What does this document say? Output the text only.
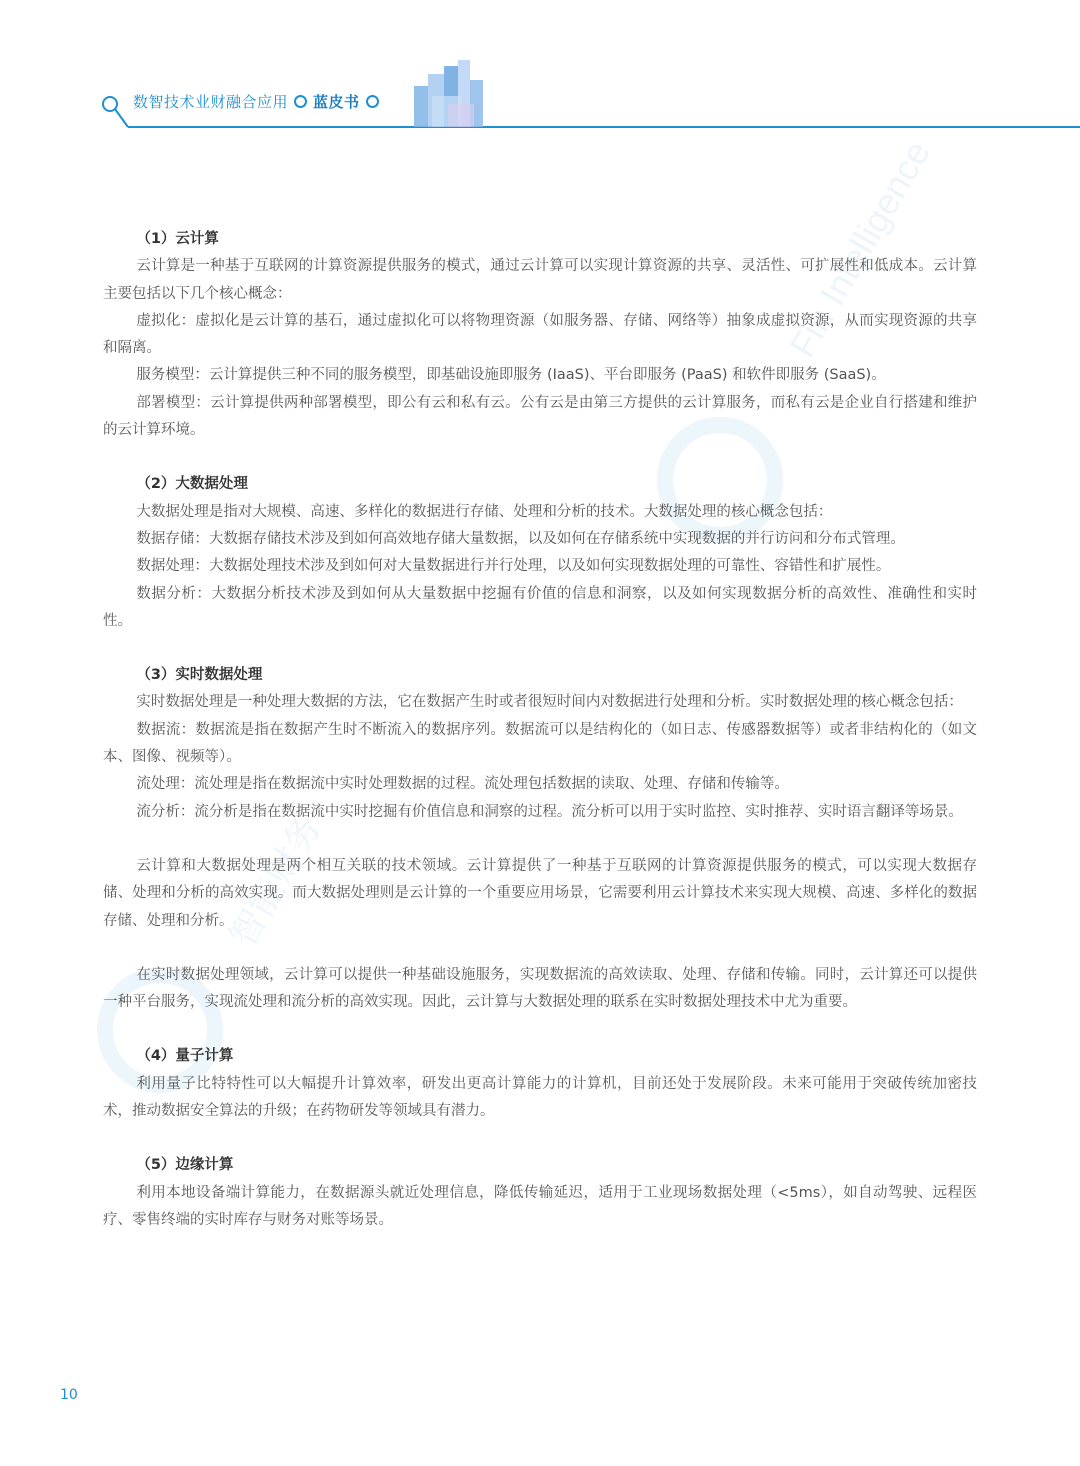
数智技术业财融合应用 蓝皮书
Fin Intelligence
智能财务
（1）云计算

云计算是一种基于互联网的计算资源提供服务的模式，通过云计算可以实现计算资源的共享、灵活性、可扩展性和低成本。云计算主要包括以下几个核心概念：

虚拟化：虚拟化是云计算的基石，通过虚拟化可以将物理资源（如服务器、存储、网络等）抽象成虚拟资源，从而实现资源的共享和隔离。

服务模型：云计算提供三种不同的服务模型，即基础设施即服务 (IaaS)、平台即服务 (PaaS) 和软件即服务 (SaaS)。

部署模型：云计算提供两种部署模型，即公有云和私有云。公有云是由第三方提供的云计算服务，而私有云是企业自行搭建和维护的云计算环境。

（2）大数据处理

大数据处理是指对大规模、高速、多样化的数据进行存储、处理和分析的技术。大数据处理的核心概念包括：

数据存储：大数据存储技术涉及到如何高效地存储大量数据，以及如何在存储系统中实现数据的并行访问和分布式管理。

数据处理：大数据处理技术涉及到如何对大量数据进行并行处理，以及如何实现数据处理的可靠性、容错性和扩展性。

数据分析：大数据分析技术涉及到如何从大量数据中挖掘有价值的信息和洞察，以及如何实现数据分析的高效性、准确性和实时性。

（3）实时数据处理

实时数据处理是一种处理大数据的方法，它在数据产生时或者很短时间内对数据进行处理和分析。实时数据处理的核心概念包括：

数据流：数据流是指在数据产生时不断流入的数据序列。数据流可以是结构化的（如日志、传感器数据等）或者非结构化的（如文本、图像、视频等）。

流处理：流处理是指在数据流中实时处理数据的过程。流处理包括数据的读取、处理、存储和传输等。

流分析：流分析是指在数据流中实时挖掘有价值信息和洞察的过程。流分析可以用于实时监控、实时推荐、实时语言翻译等场景。

云计算和大数据处理是两个相互关联的技术领域。云计算提供了一种基于互联网的计算资源提供服务的模式，可以实现大数据存储、处理和分析的高效实现。而大数据处理则是云计算的一个重要应用场景，它需要利用云计算技术来实现大规模、高速、多样化的数据存储、处理和分析。

在实时数据处理领域，云计算可以提供一种基础设施服务，实现数据流的高效读取、处理、存储和传输。同时，云计算还可以提供一种平台服务，实现流处理和流分析的高效实现。因此，云计算与大数据处理的联系在实时数据处理技术中尤为重要。

（4）量子计算

利用量子比特特性可以大幅提升计算效率，研发出更高计算能力的计算机，目前还处于发展阶段。未来可能用于突破传统加密技术，推动数据安全算法的升级；在药物研发等领域具有潜力。

（5）边缘计算

利用本地设备端计算能力，在数据源头就近处理信息，降低传输延迟，适用于工业现场数据处理（<5ms），如自动驾驶、远程医疗、零售终端的实时库存与财务对账等场景。

10
